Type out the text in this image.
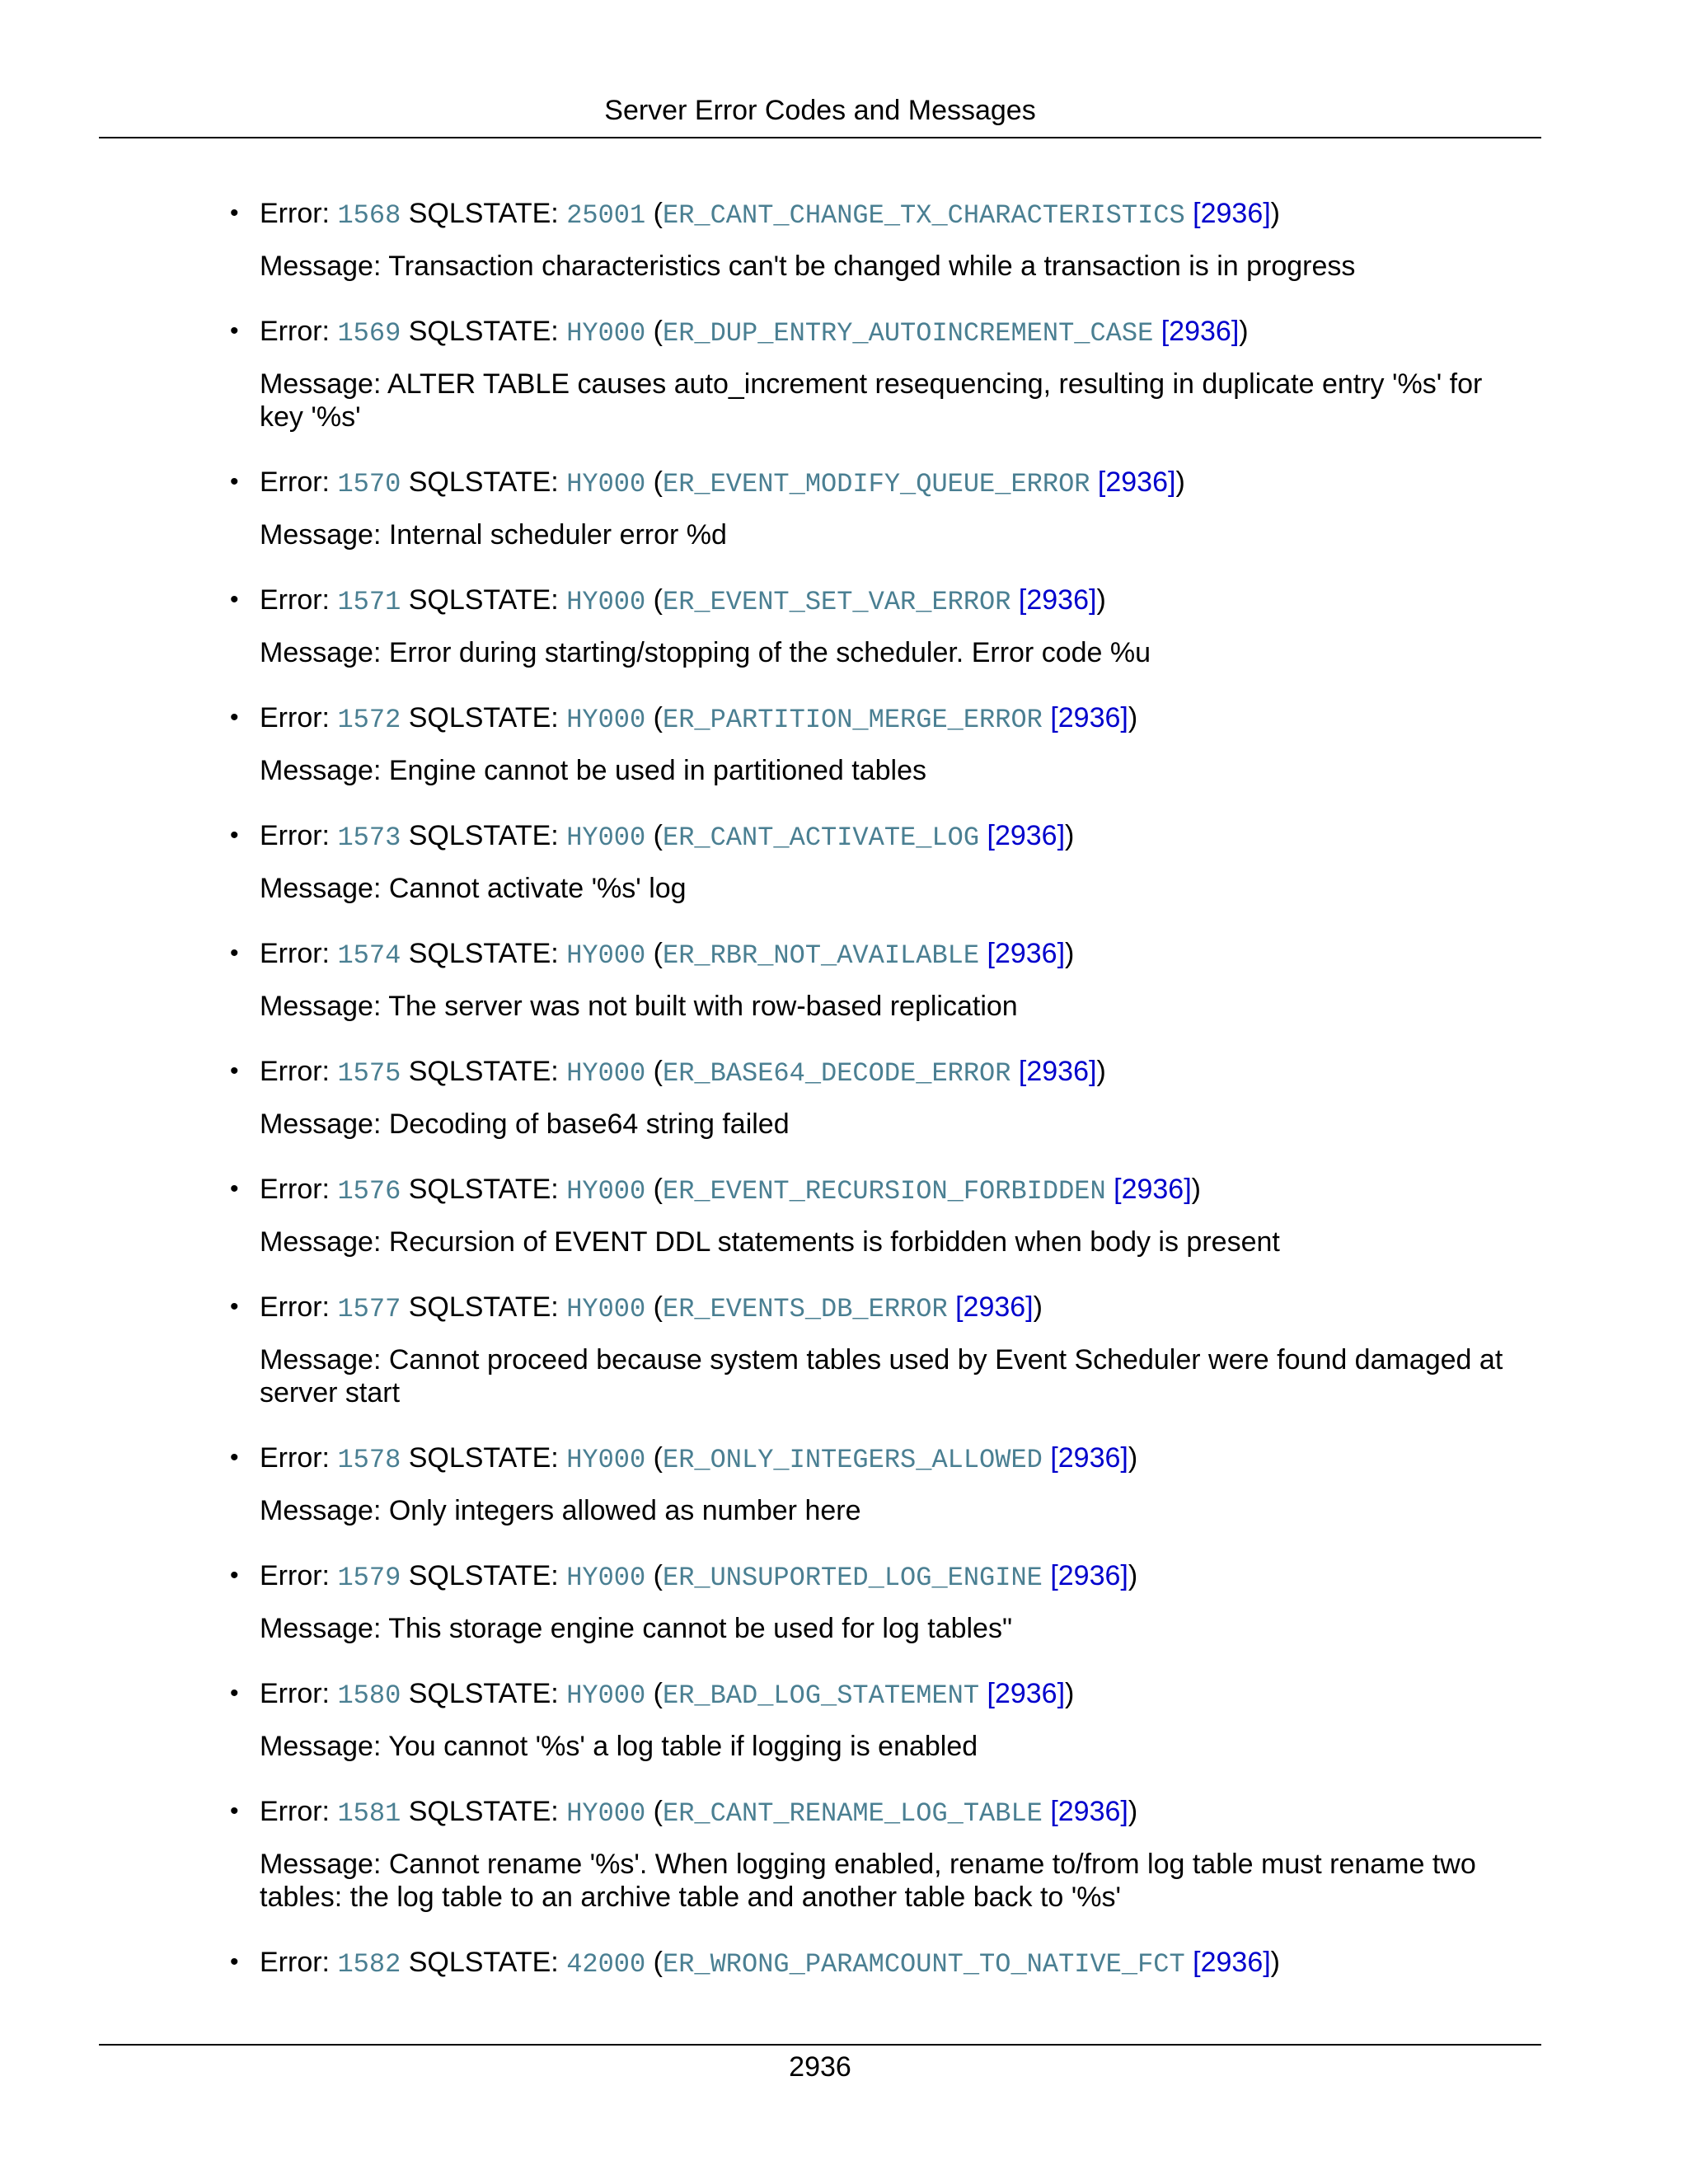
Server Error Codes and Messages
• Error: 1568 SQLSTATE: 25001 (ER_CANT_CHANGE_TX_CHARACTERISTICS [2936])
Message: Transaction characteristics can't be changed while a transaction is in progress
• Error: 1569 SQLSTATE: HY000 (ER_DUP_ENTRY_AUTOINCREMENT_CASE [2936])
Message: ALTER TABLE causes auto_increment resequencing, resulting in duplicate entry '%s' for key '%s'
• Error: 1570 SQLSTATE: HY000 (ER_EVENT_MODIFY_QUEUE_ERROR [2936])
Message: Internal scheduler error %d
• Error: 1571 SQLSTATE: HY000 (ER_EVENT_SET_VAR_ERROR [2936])
Message: Error during starting/stopping of the scheduler. Error code %u
• Error: 1572 SQLSTATE: HY000 (ER_PARTITION_MERGE_ERROR [2936])
Message: Engine cannot be used in partitioned tables
• Error: 1573 SQLSTATE: HY000 (ER_CANT_ACTIVATE_LOG [2936])
Message: Cannot activate '%s' log
• Error: 1574 SQLSTATE: HY000 (ER_RBR_NOT_AVAILABLE [2936])
Message: The server was not built with row-based replication
• Error: 1575 SQLSTATE: HY000 (ER_BASE64_DECODE_ERROR [2936])
Message: Decoding of base64 string failed
• Error: 1576 SQLSTATE: HY000 (ER_EVENT_RECURSION_FORBIDDEN [2936])
Message: Recursion of EVENT DDL statements is forbidden when body is present
• Error: 1577 SQLSTATE: HY000 (ER_EVENTS_DB_ERROR [2936])
Message: Cannot proceed because system tables used by Event Scheduler were found damaged at server start
• Error: 1578 SQLSTATE: HY000 (ER_ONLY_INTEGERS_ALLOWED [2936])
Message: Only integers allowed as number here
• Error: 1579 SQLSTATE: HY000 (ER_UNSUPORTED_LOG_ENGINE [2936])
Message: This storage engine cannot be used for log tables"
• Error: 1580 SQLSTATE: HY000 (ER_BAD_LOG_STATEMENT [2936])
Message: You cannot '%s' a log table if logging is enabled
• Error: 1581 SQLSTATE: HY000 (ER_CANT_RENAME_LOG_TABLE [2936])
Message: Cannot rename '%s'. When logging enabled, rename to/from log table must rename two tables: the log table to an archive table and another table back to '%s'
• Error: 1582 SQLSTATE: 42000 (ER_WRONG_PARAMCOUNT_TO_NATIVE_FCT [2936])
2936
